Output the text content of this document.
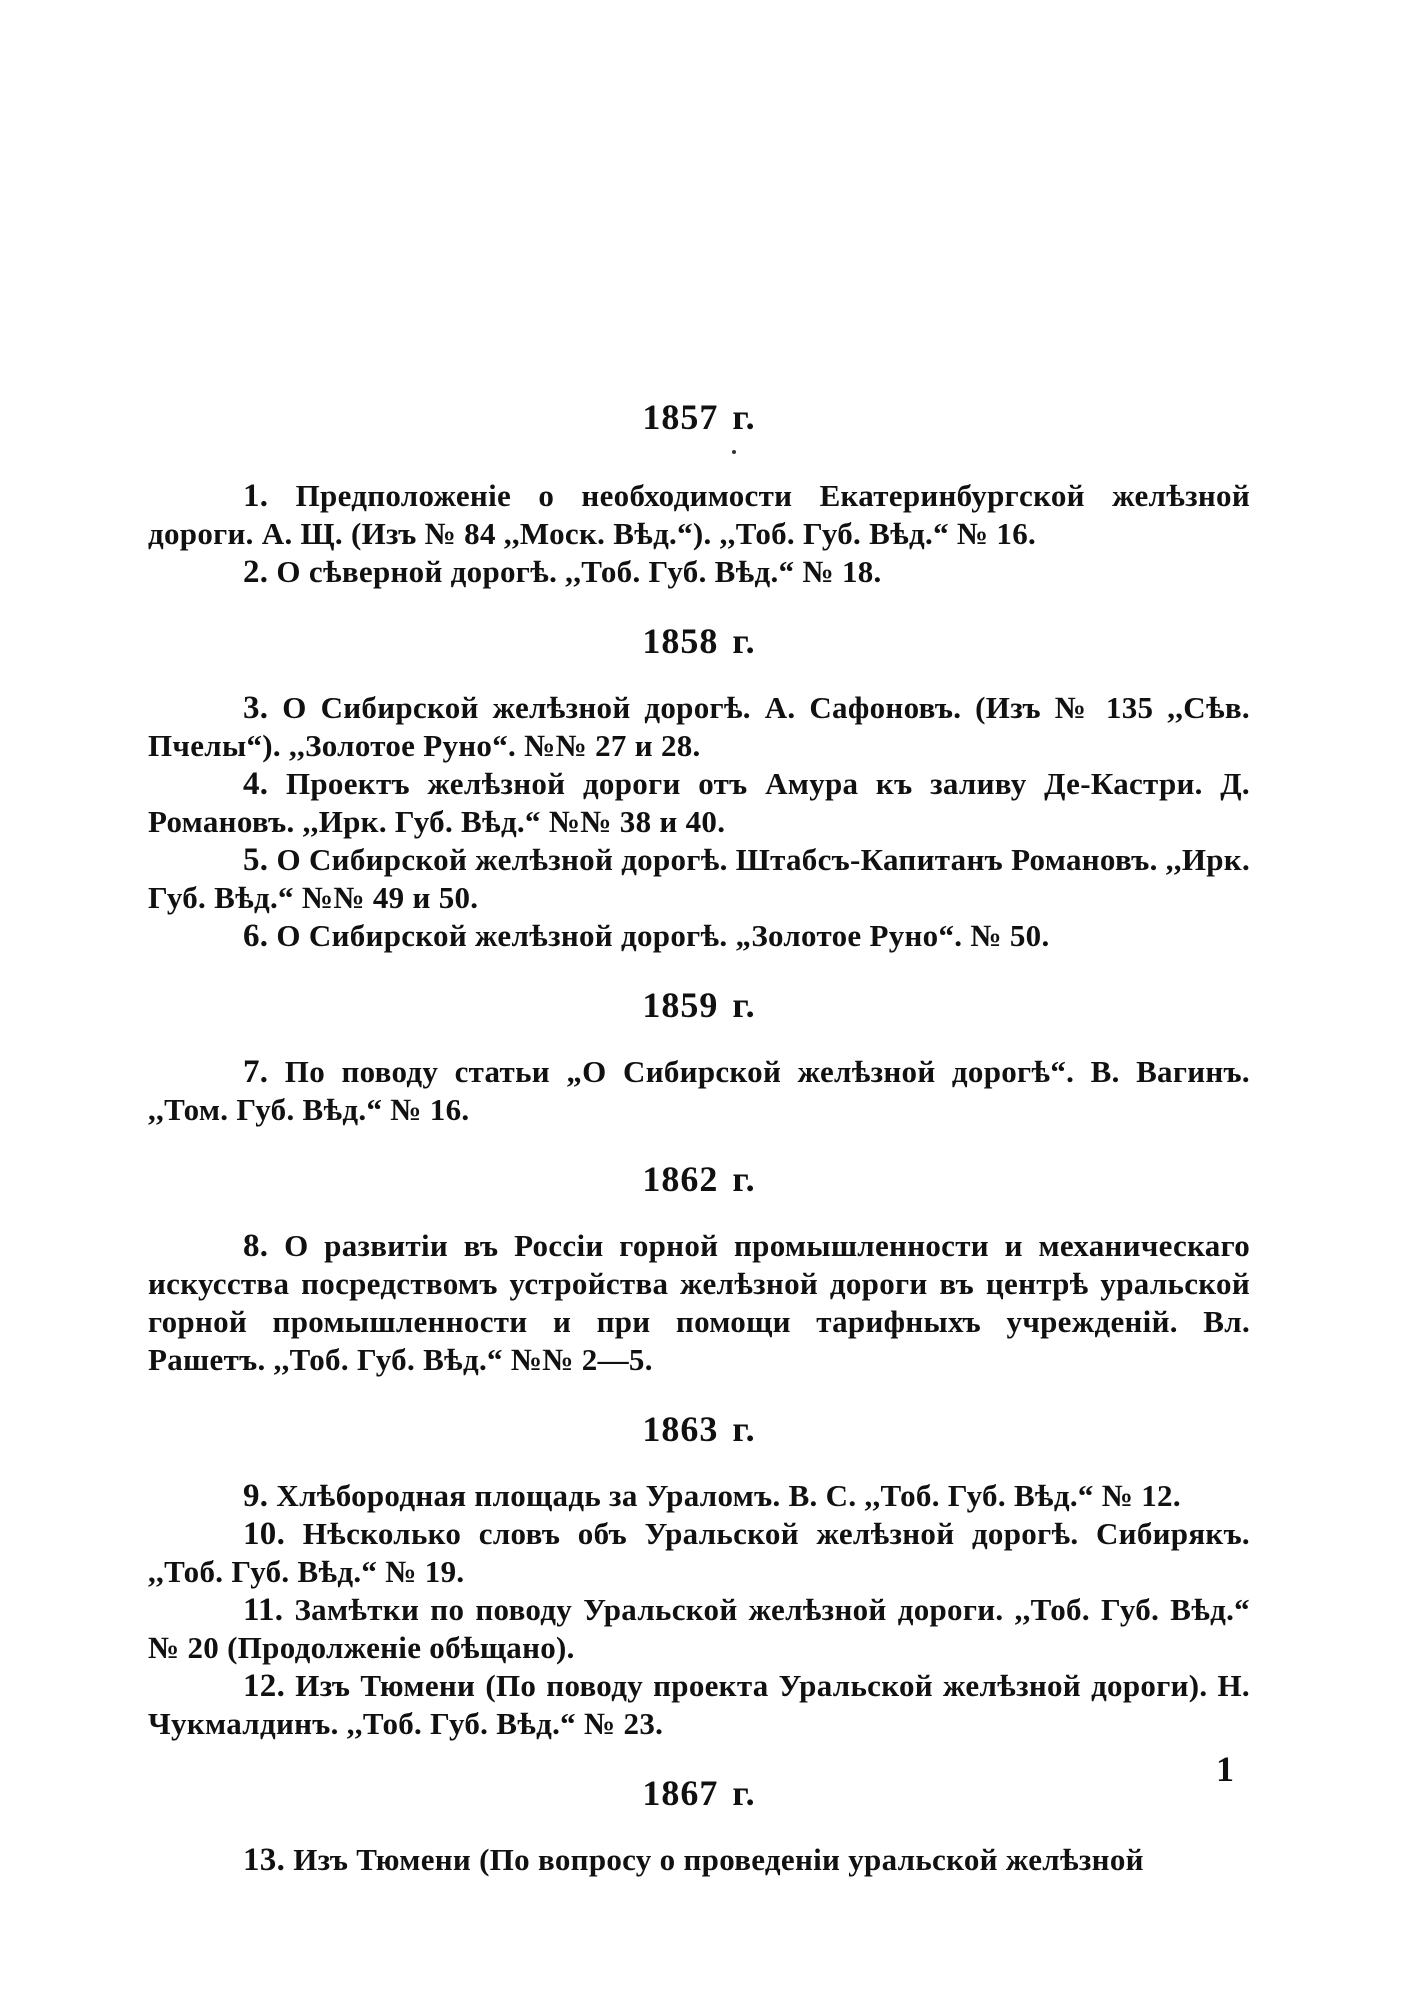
1857 г.

1. Предположеніе о необходимости Екатеринбургской желѣзной дороги. А. Щ. (Изъ № 84 ,,Моск. Вѣд.“). ,,Тоб. Губ. Вѣд.“ № 16.

2. О сѣверной дорогѣ. ,,Тоб. Губ. Вѣд.“ № 18.

1858 г.

3. О Сибирской желѣзной дорогѣ. А. Сафоновъ. (Изъ № 135 ,,Сѣв. Пчелы“). ,,Золотое Руно“. №№ 27 и 28.

4. Проектъ желѣзной дороги отъ Амура къ заливу Де-Кастри. Д. Романовъ. ,,Ирк. Губ. Вѣд.“ №№ 38 и 40.

5. О Сибирской желѣзной дорогѣ. Штабсъ-Капитанъ Романовъ. ,,Ирк. Губ. Вѣд.“ №№ 49 и 50.

6. О Сибирской желѣзной дорогѣ. „Золотое Руно“. № 50.

1859 г.

7. По поводу статьи „О Сибирской желѣзной дорогѣ“. В. Вагинъ. ,,Том. Губ. Вѣд.“ № 16.

1862 г.

8. О развитіи въ Россіи горной промышленности и механическаго искусства посредствомъ устройства желѣзной дороги въ центрѣ уральской горной промышленности и при помощи тарифныхъ учрежденій. Вл. Рашетъ. ,,Тоб. Губ. Вѣд.“ №№ 2—5.

1863 г.

9. Хлѣбородная площадь за Ураломъ. В. С. ,,Тоб. Губ. Вѣд.“ № 12.

10. Нѣсколько словъ объ Уральской желѣзной дорогѣ. Сибирякъ. ,,Тоб. Губ. Вѣд.“ № 19.

11. Замѣтки по поводу Уральской желѣзной дороги. ,,Тоб. Губ. Вѣд.“ № 20 (Продолженіе обѣщано).

12. Изъ Тюмени (По поводу проекта Уральской желѣзной дороги). Н. Чукмалдинъ. ,,Тоб. Губ. Вѣд.“ № 23.

1867 г.

13. Изъ Тюмени (По вопросу о проведеніи уральской желѣзной

1
